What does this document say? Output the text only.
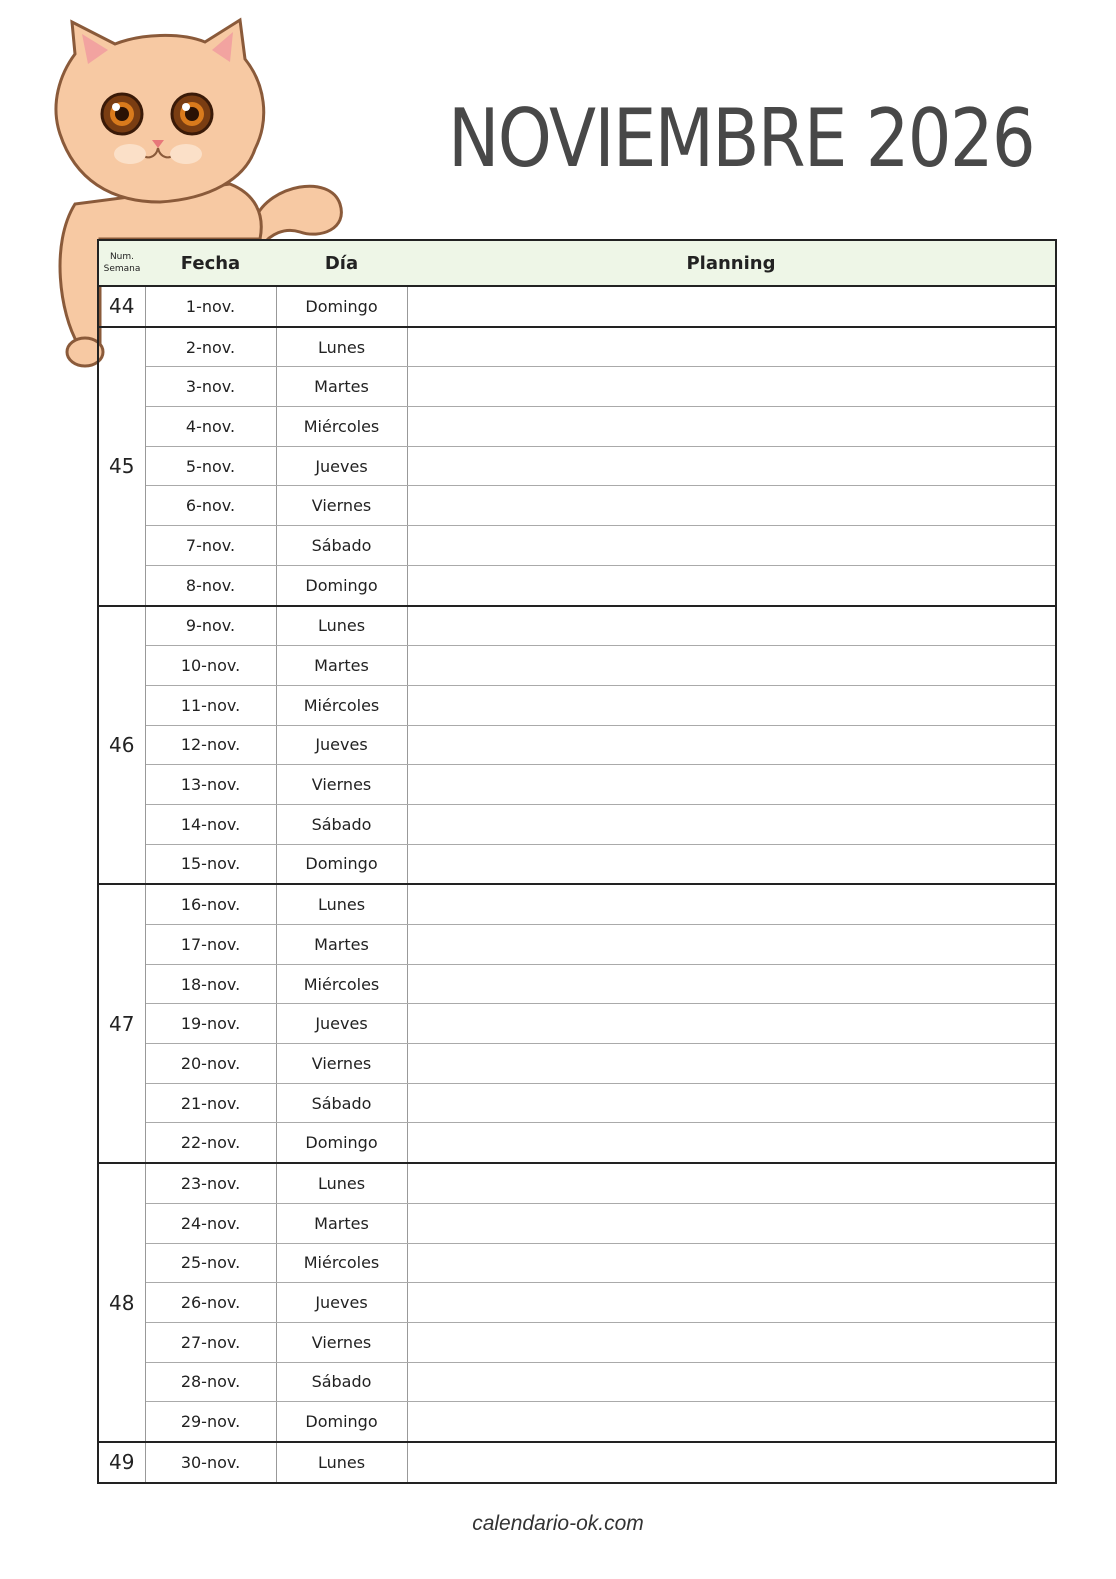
NOVIEMBRE 2026
Num.
Semana	Fecha	Día	Planning
44	1-nov.	Domingo	
45	2-nov.	Lunes	
	3-nov.	Martes	
	4-nov.	Miércoles	
	5-nov.	Jueves	
	6-nov.	Viernes	
	7-nov.	Sábado	
	8-nov.	Domingo	
46	9-nov.	Lunes	
	10-nov.	Martes	
	11-nov.	Miércoles	
	12-nov.	Jueves	
	13-nov.	Viernes	
	14-nov.	Sábado	
	15-nov.	Domingo	
47	16-nov.	Lunes	
	17-nov.	Martes	
	18-nov.	Miércoles	
	19-nov.	Jueves	
	20-nov.	Viernes	
	21-nov.	Sábado	
	22-nov.	Domingo	
48	23-nov.	Lunes	
	24-nov.	Martes	
	25-nov.	Miércoles	
	26-nov.	Jueves	
	27-nov.	Viernes	
	28-nov.	Sábado	
	29-nov.	Domingo	
49	30-nov.	Lunes	
calendario-ok.com
